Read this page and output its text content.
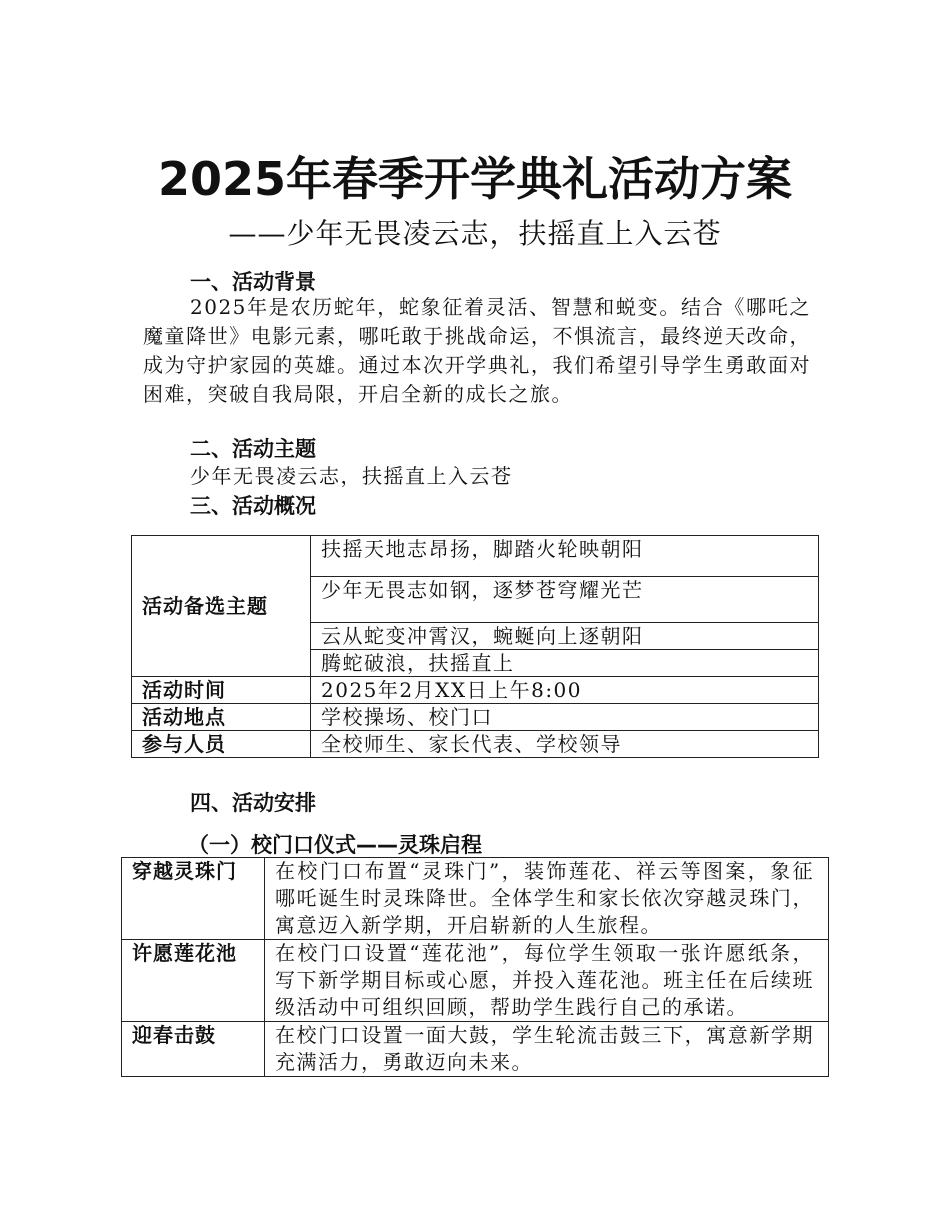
2025年春季开学典礼活动方案
——少年无畏凌云志，扶摇直上入云苍
一、活动背景
2025年是农历蛇年，蛇象征着灵活、智慧和蜕变。结合《哪吒之魔童降世》电影元素，哪吒敢于挑战命运，不惧流言，最终逆天改命，成为守护家园的英雄。通过本次开学典礼，我们希望引导学生勇敢面对困难，突破自我局限，开启全新的成长之旅。
二、活动主题
少年无畏凌云志，扶摇直上入云苍
三、活动概况
活动备选主题	扶摇天地志昂扬，脚踏火轮映朝阳
	少年无畏志如钢，逐梦苍穹耀光芒
	云从蛇变冲霄汉，蜿蜒向上逐朝阳
	腾蛇破浪，扶摇直上
活动时间	2025年2月XX日上午8:00
活动地点	学校操场、校门口
参与人员	全校师生、家长代表、学校领导
四、活动安排
（一）校门口仪式——灵珠启程
穿越灵珠门	在校门口布置“灵珠门”，装饰莲花、祥云等图案，象征哪吒诞生时灵珠降世。全体学生和家长依次穿越灵珠门，寓意迈入新学期，开启崭新的人生旅程。
许愿莲花池	在校门口设置“莲花池”，每位学生领取一张许愿纸条，写下新学期目标或心愿，并投入莲花池。班主任在后续班级活动中可组织回顾，帮助学生践行自己的承诺。
迎春击鼓	在校门口设置一面大鼓，学生轮流击鼓三下，寓意新学期充满活力，勇敢迈向未来。
